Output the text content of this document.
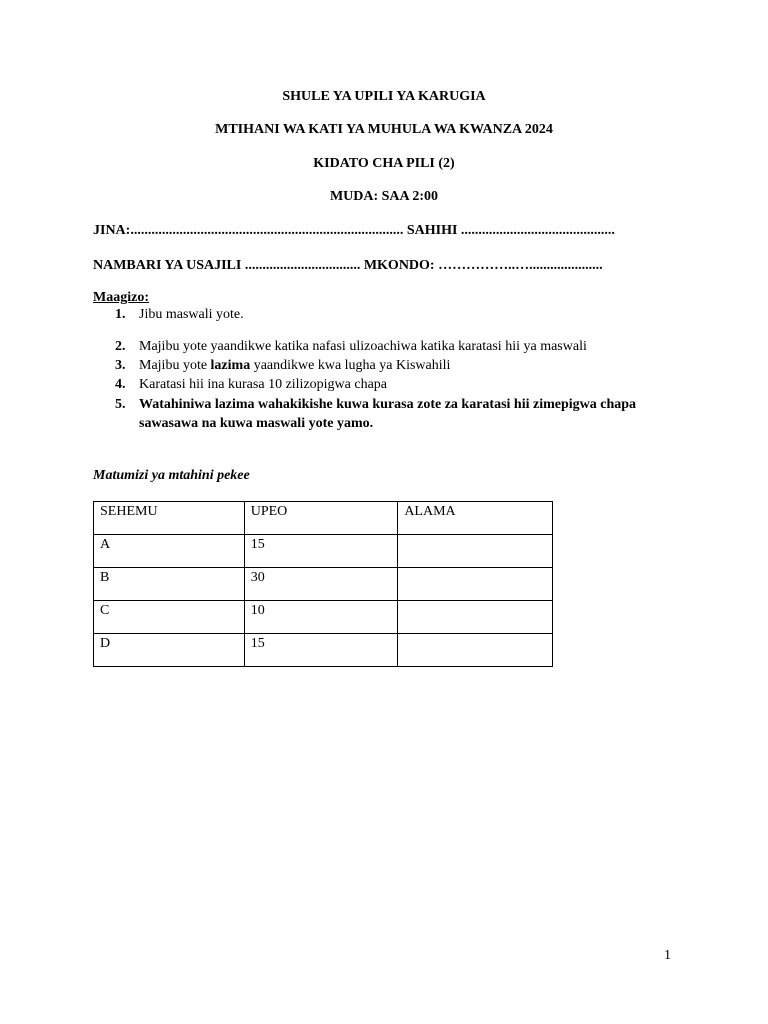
SHULE YA UPILI YA KARUGIA
MTIHANI WA KATI YA MUHULA WA KWANZA 2024
KIDATO CHA PILI (2)
MUDA: SAA 2:00
JINA:.............................................................................. SAHIHI ............................................
NAMBARI YA USAJILI ................................. MKONDO: ……………..….....................
Maagizo:
1. Jibu maswali yote.
2. Majibu yote yaandikwe katika nafasi ulizoachiwa katika karatasi hii ya maswali
3. Majibu yote lazima yaandikwe kwa lugha ya Kiswahili
4. Karatasi hii ina kurasa 10 zilizopigwa chapa
5. Watahiniwa lazima wahakikishe kuwa kurasa zote za karatasi hii zimepigwa chapa sawasawa na kuwa maswali yote yamo.
Matumizi ya mtahini pekee
SEHEMU	UPEO	ALAMA
A	15	
B	30	
C	10	
D	15	
1
